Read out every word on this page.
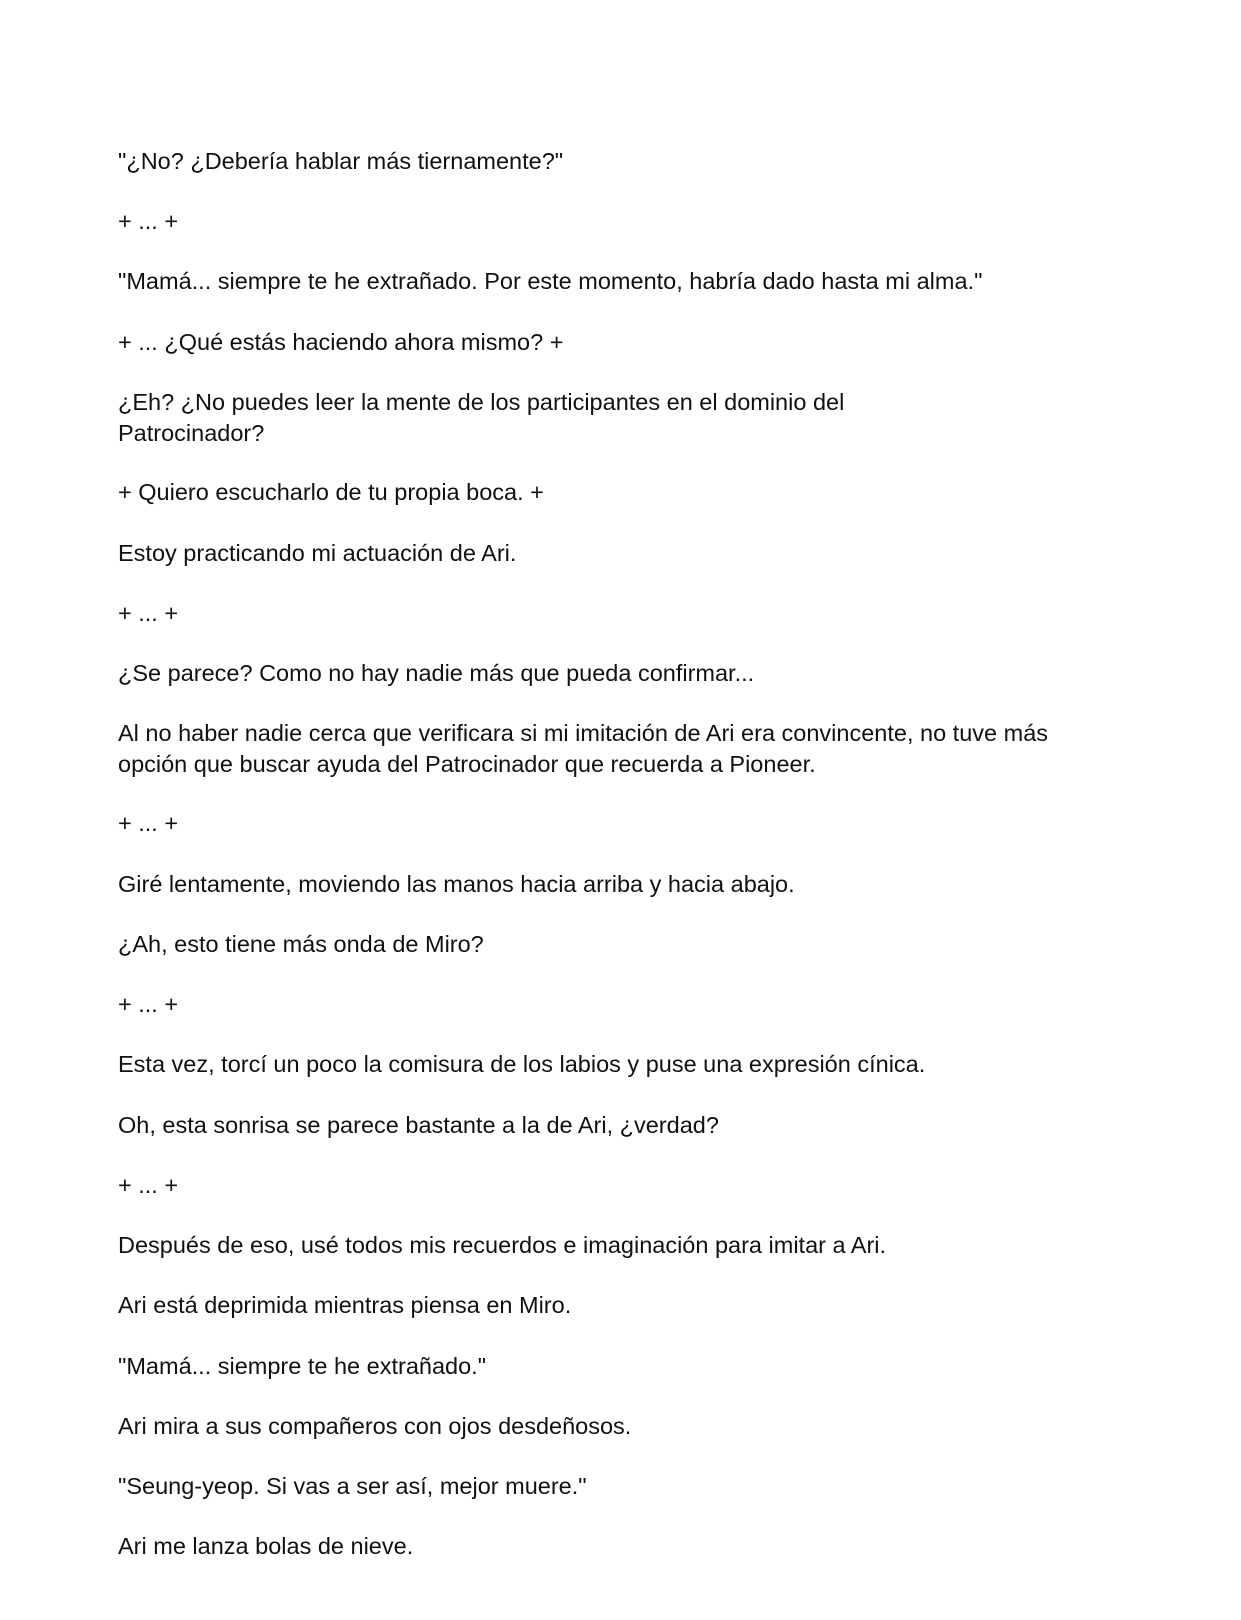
"¿No? ¿Debería hablar más tiernamente?"

+ ... +

"Mamá... siempre te he extrañado. Por este momento, habría dado hasta mi alma."

+ ... ¿Qué estás haciendo ahora mismo? +

¿Eh? ¿No puedes leer la mente de los participantes en el dominio del Patrocinador?

+ Quiero escucharlo de tu propia boca. +

Estoy practicando mi actuación de Ari.

+ ... +

¿Se parece? Como no hay nadie más que pueda confirmar...

Al no haber nadie cerca que verificara si mi imitación de Ari era convincente, no tuve más opción que buscar ayuda del Patrocinador que recuerda a Pioneer.

+ ... +

Giré lentamente, moviendo las manos hacia arriba y hacia abajo.

¿Ah, esto tiene más onda de Miro?

+ ... +

Esta vez, torcí un poco la comisura de los labios y puse una expresión cínica.

Oh, esta sonrisa se parece bastante a la de Ari, ¿verdad?

+ ... +

Después de eso, usé todos mis recuerdos e imaginación para imitar a Ari.

Ari está deprimida mientras piensa en Miro.

"Mamá... siempre te he extrañado."

Ari mira a sus compañeros con ojos desdeñosos.

"Seung-yeop. Si vas a ser así, mejor muere."

Ari me lanza bolas de nieve.
